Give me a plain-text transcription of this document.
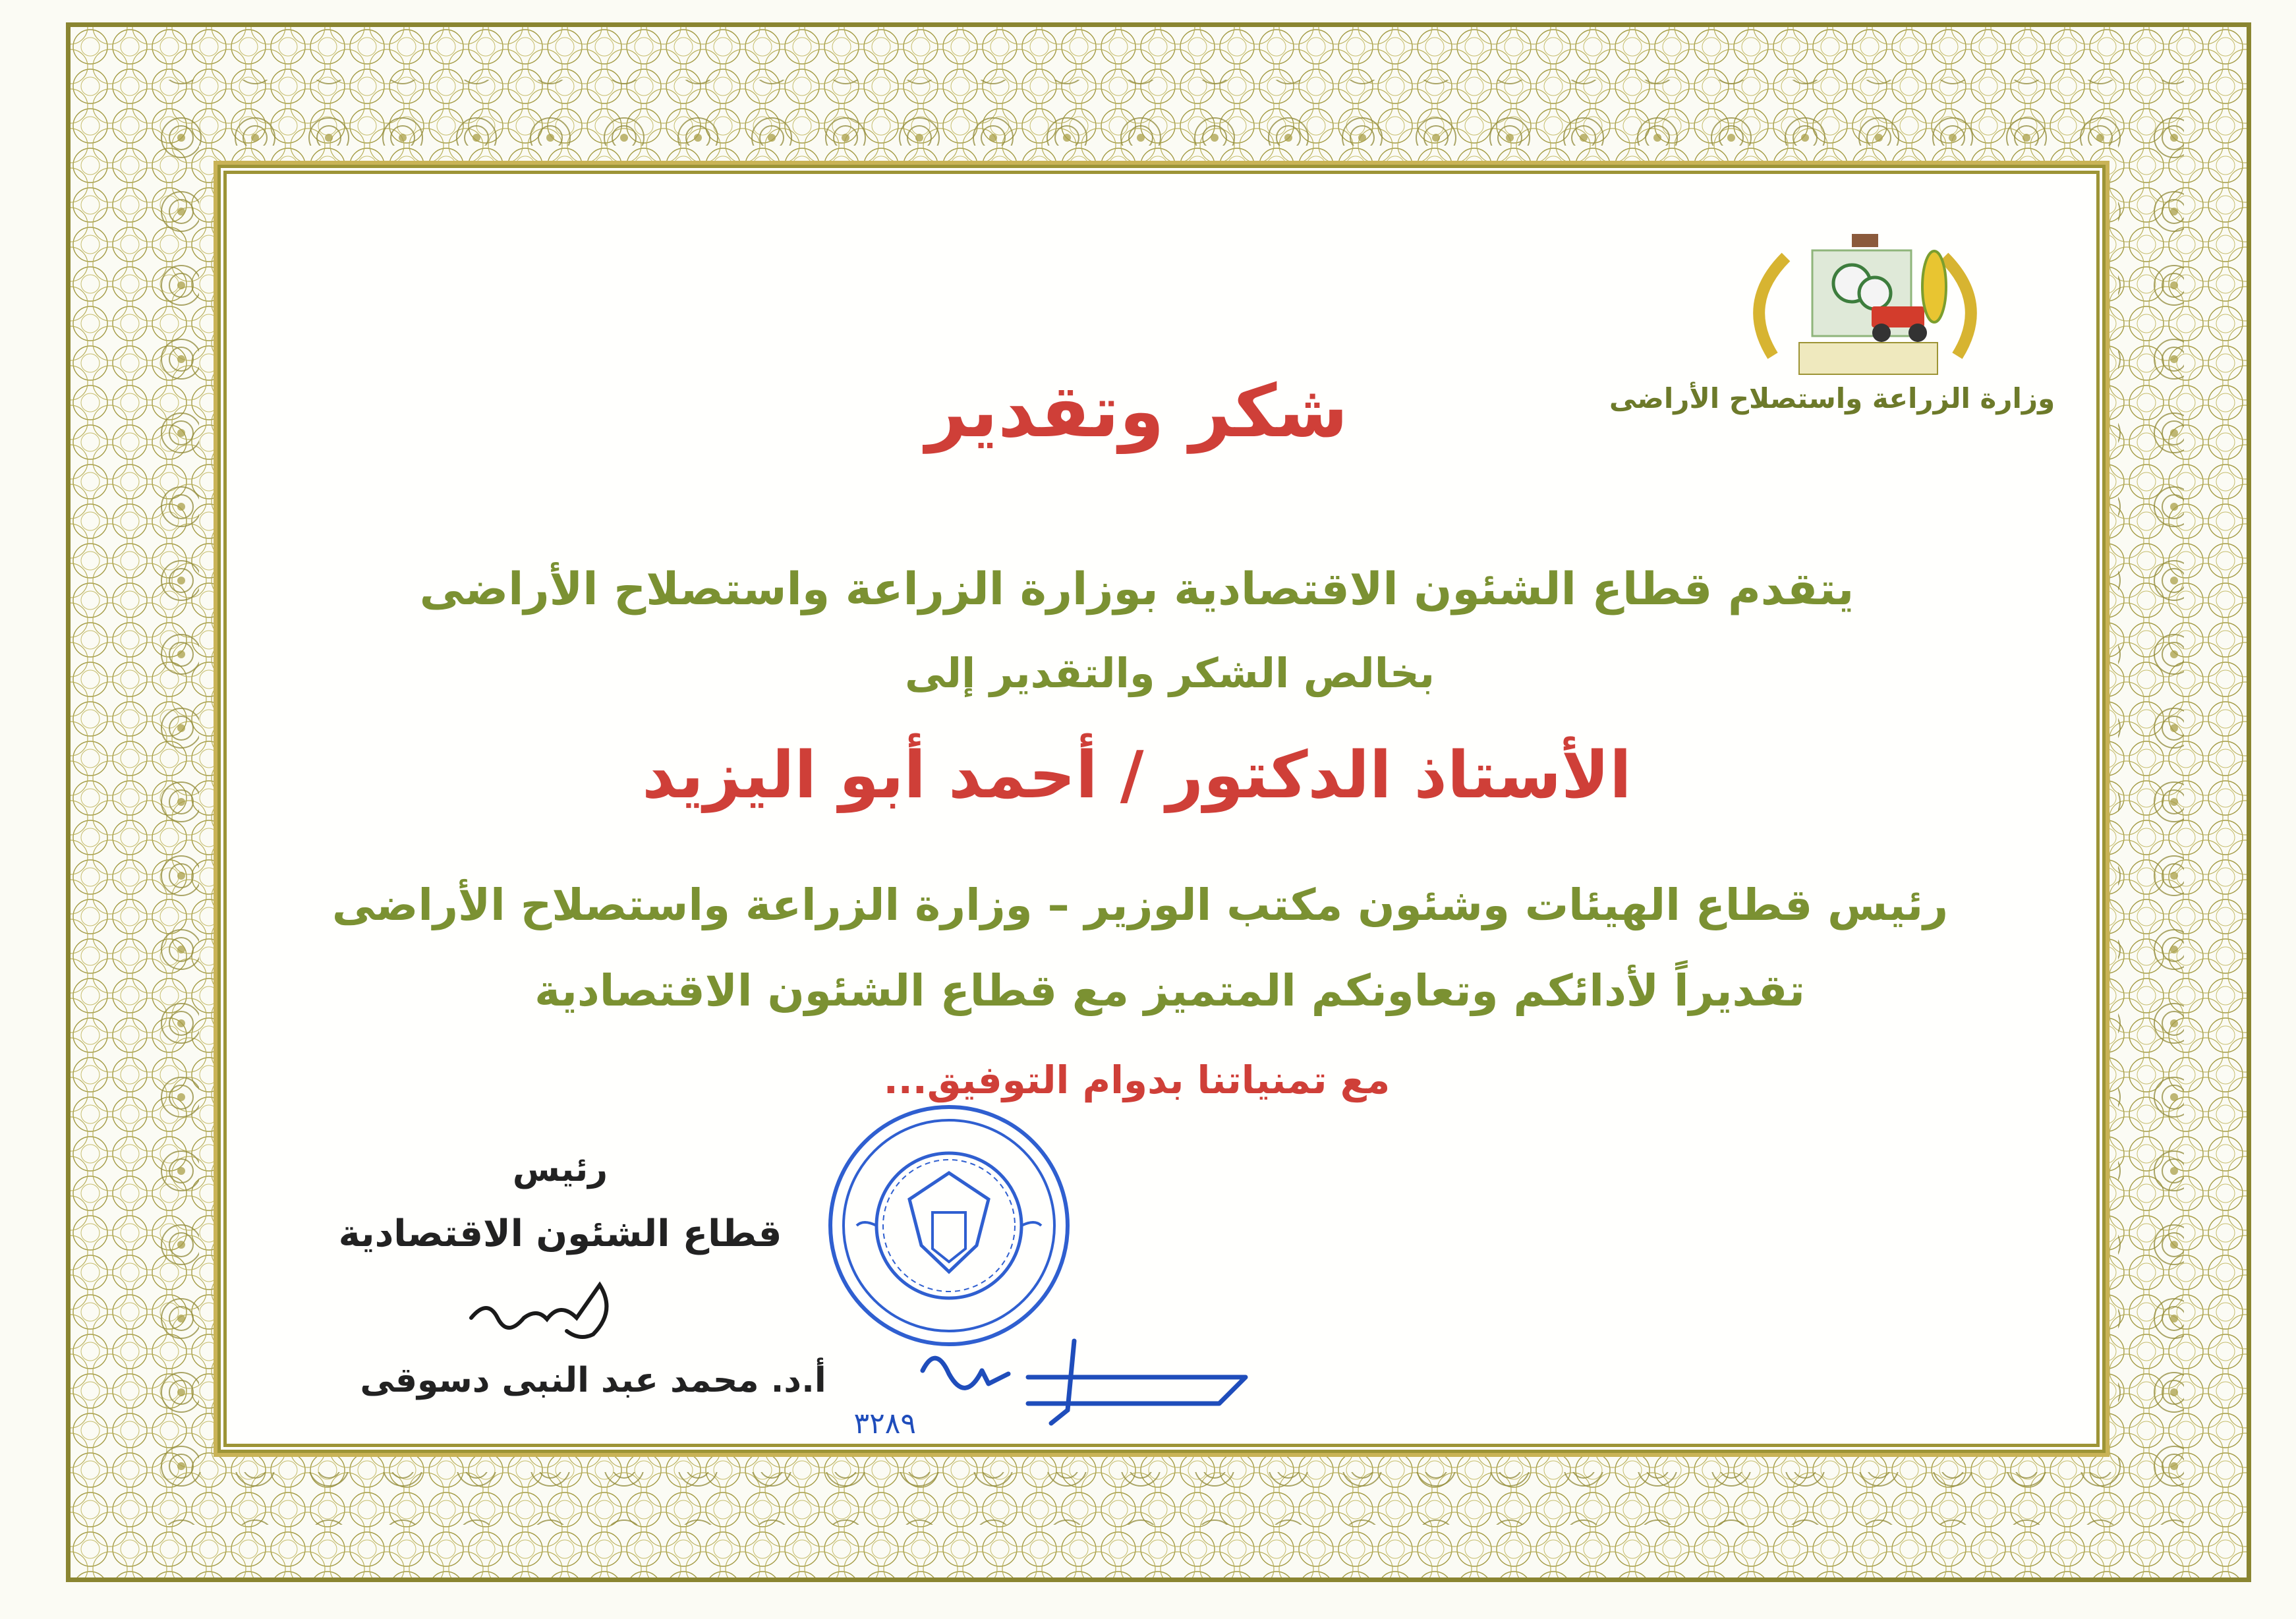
وزارة الزراعة واستصلاح الأراضى
شكر وتقدير
يتقدم قطاع الشئون الاقتصادية بوزارة الزراعة واستصلاح الأراضى
بخالص الشكر والتقدير إلى
الأستاذ الدكتور / أحمد أبو اليزيد
رئيس قطاع الهيئات وشئون مكتب الوزير – وزارة الزراعة واستصلاح الأراضى
تقديراً لأدائكم وتعاونكم المتميز مع قطاع الشئون الاقتصادية
مع تمنياتنا بدوام التوفيق...
رئيس
قطاع الشئون الاقتصادية
أ.د. محمد عبد النبى دسوقى
٣٢٨٩
